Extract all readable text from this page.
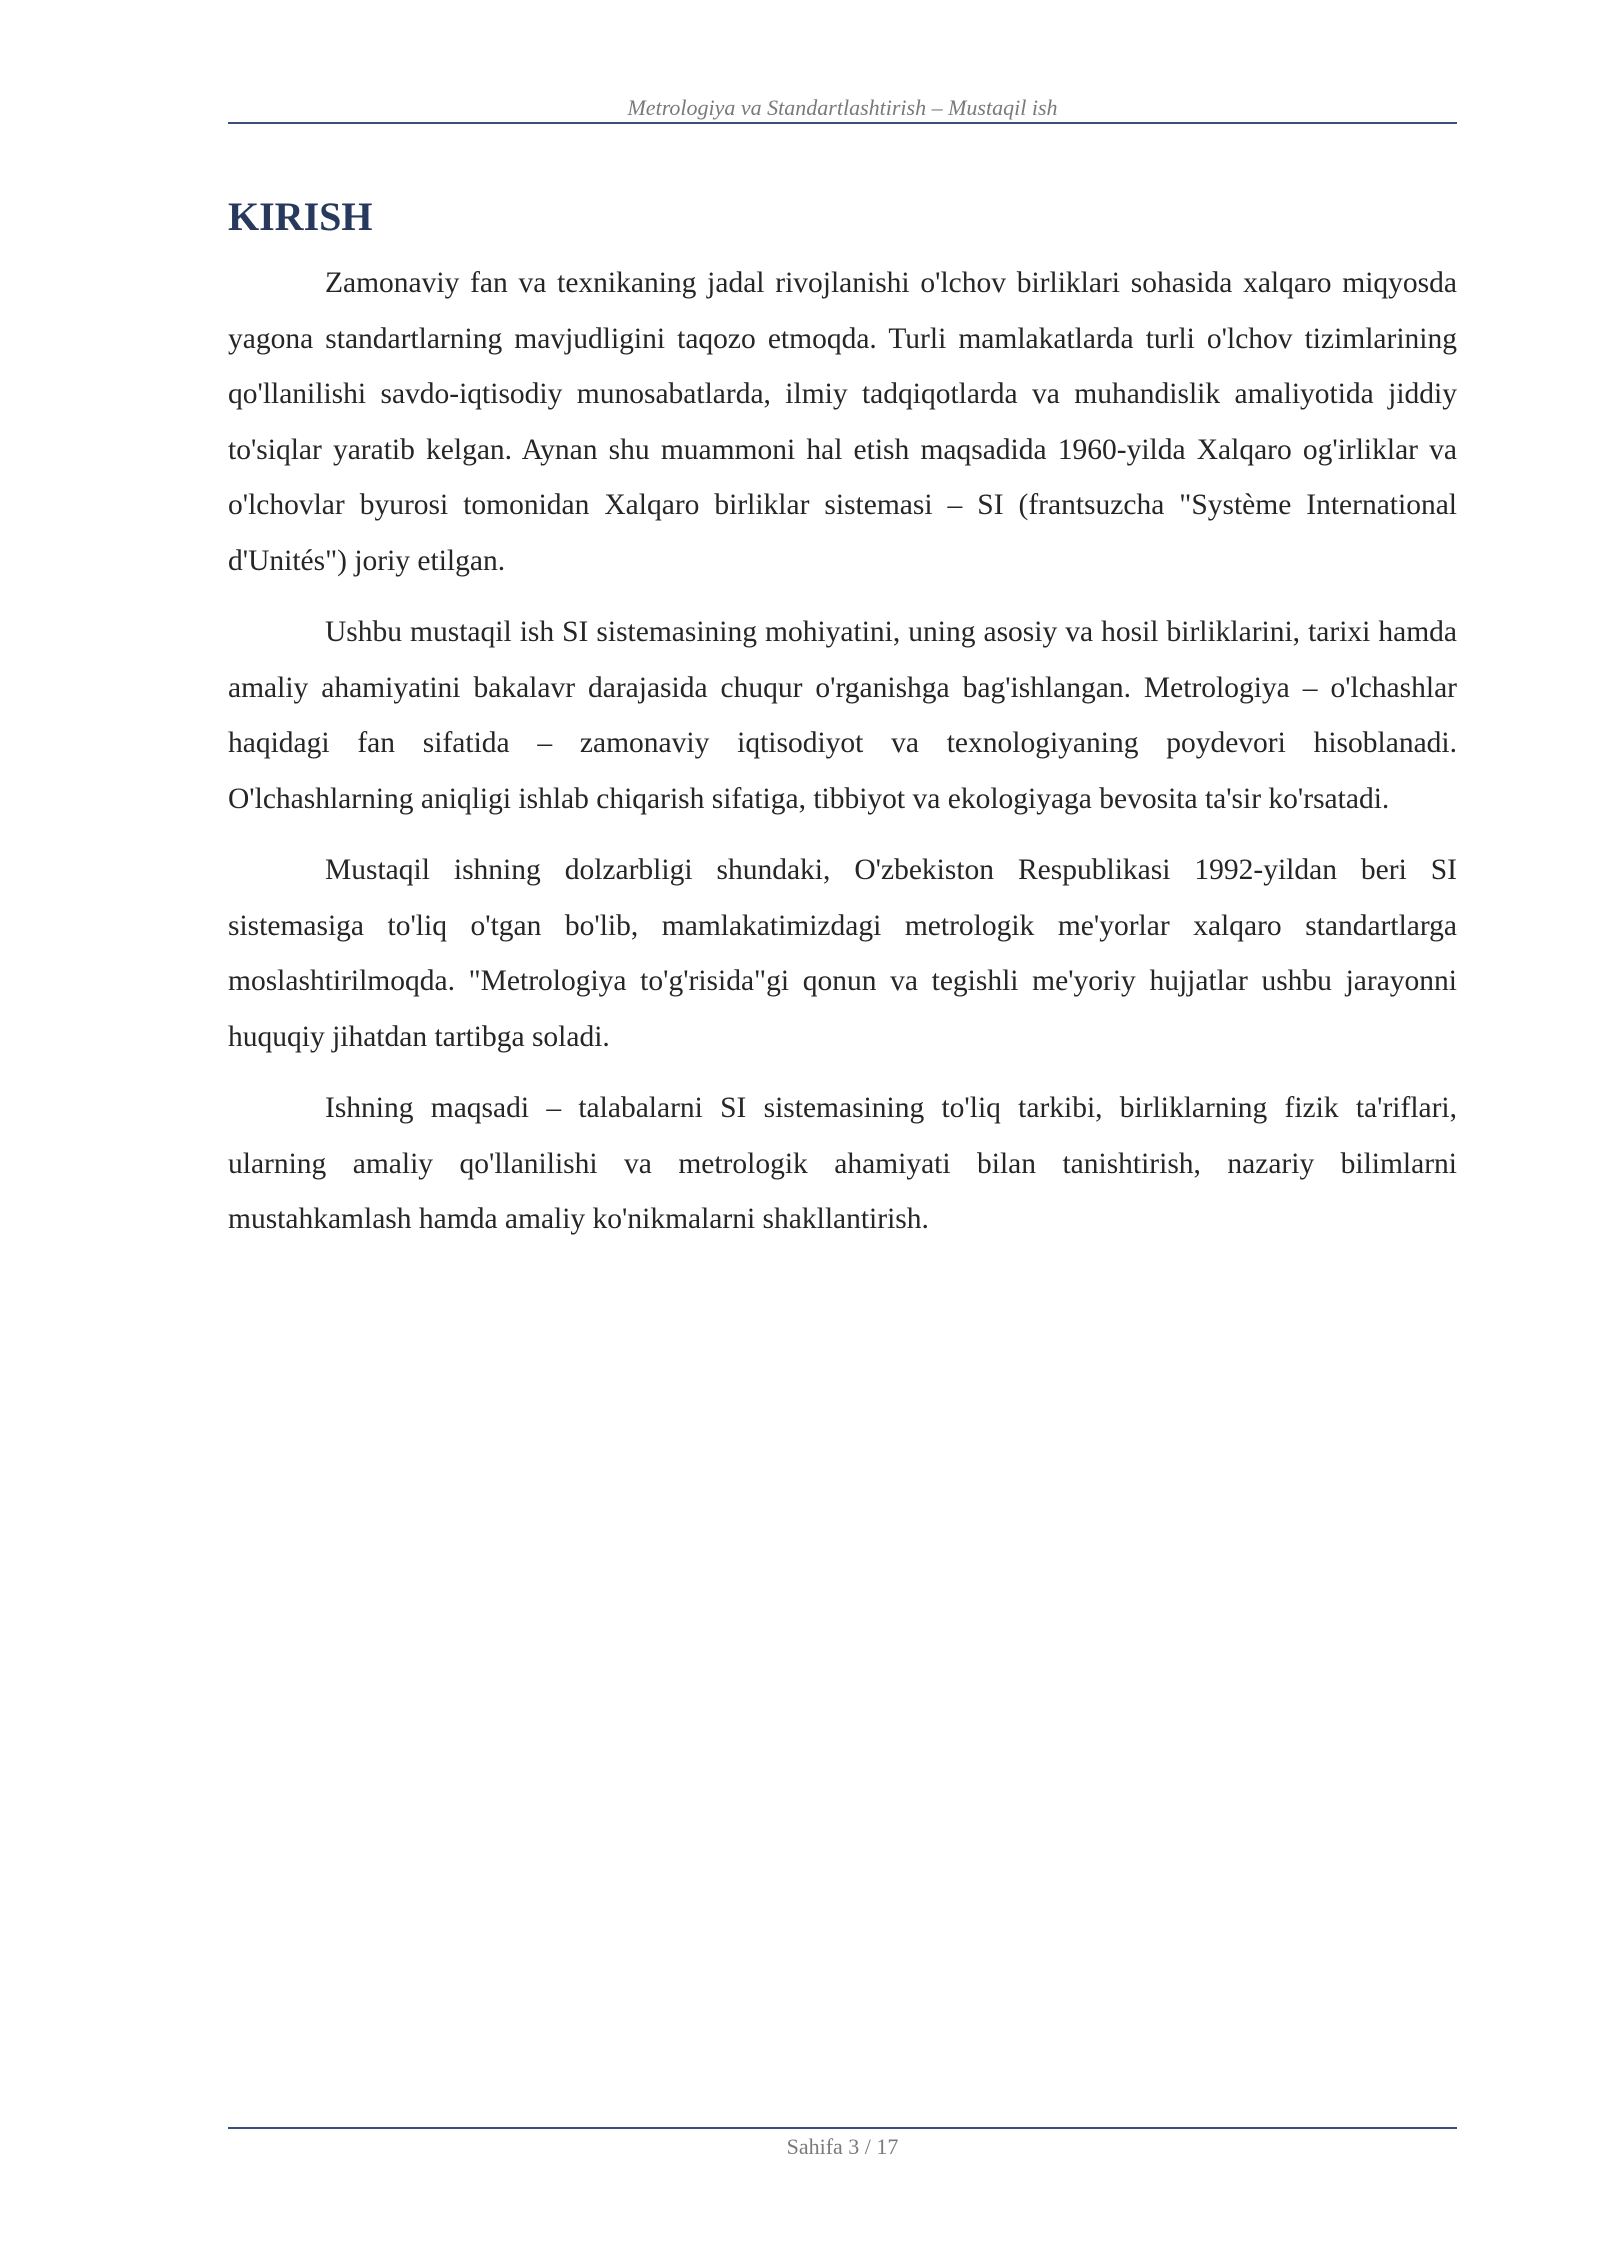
Metrologiya va Standartlashtirish – Mustaqil ish
KIRISH

Zamonaviy fan va texnikaning jadal rivojlanishi o'lchov birliklari sohasida xalqaro miqyosda yagona standartlarning mavjudligini taqozo etmoqda. Turli mamlakatlarda turli o'lchov tizimlarining qo'llanilishi savdo-iqtisodiy munosabatlarda, ilmiy tadqiqotlarda va muhandislik amaliyotida jiddiy to'siqlar yaratib kelgan. Aynan shu muammoni hal etish maqsadida 1960-yilda Xalqaro og'irliklar va o'lchovlar byurosi tomonidan Xalqaro birliklar sistemasi – SI (frantsuzcha "Système International d'Unités") joriy etilgan.

Ushbu mustaqil ish SI sistemasining mohiyatini, uning asosiy va hosil birliklarini, tarixi hamda amaliy ahamiyatini bakalavr darajasida chuqur o'rganishga bag'ishlangan. Metrologiya – o'lchashlar haqidagi fan sifatida – zamonaviy iqtisodiyot va texnologiyaning poydevori hisoblanadi. O'lchashlarning aniqligi ishlab chiqarish sifatiga, tibbiyot va ekologiyaga bevosita ta'sir ko'rsatadi.

Mustaqil ishning dolzarbligi shundaki, O'zbekiston Respublikasi 1992-yildan beri SI sistemasiga to'liq o'tgan bo'lib, mamlakatimizdagi metrologik me'yorlar xalqaro standartlarga moslashtirilmoqda. "Metrologiya to'g'risida"gi qonun va tegishli me'yoriy hujjatlar ushbu jarayonni huquqiy jihatdan tartibga soladi.

Ishning maqsadi – talabalarni SI sistemasining to'liq tarkibi, birliklarning fizik ta'riflari, ularning amaliy qo'llanilishi va metrologik ahamiyati bilan tanishtirish, nazariy bilimlarni mustahkamlash hamda amaliy ko'nikmalarni shakllantirish.

Sahifa 3 / 17
